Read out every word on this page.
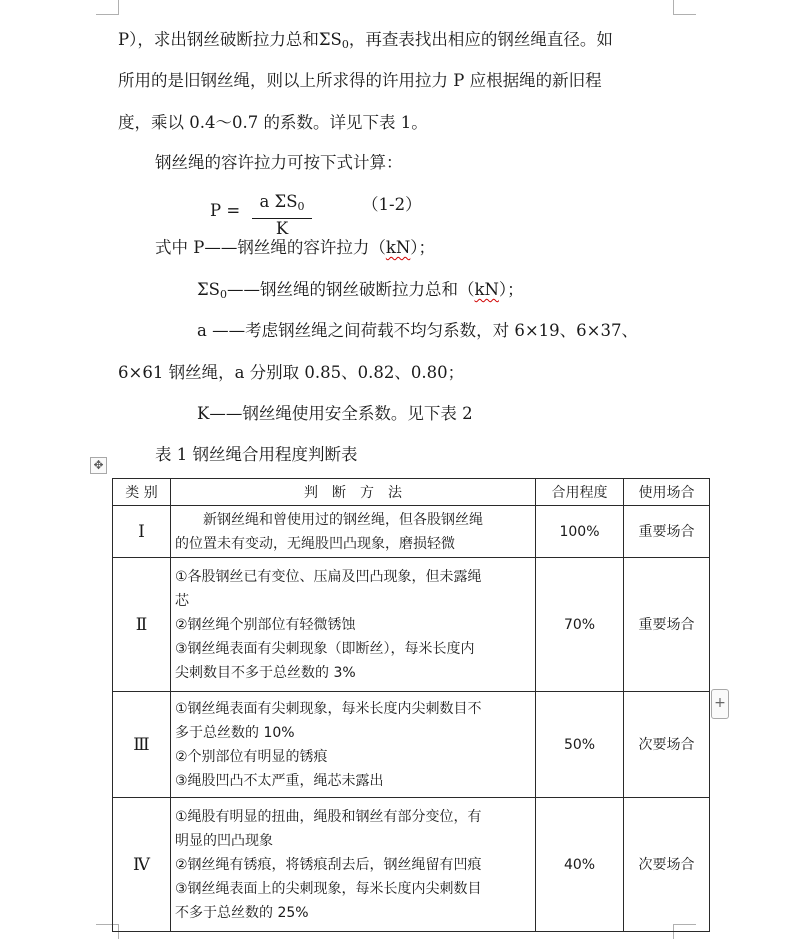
P），求出钢丝破断拉力总和$\Sigma S_0$，再查表找出相应的钢丝绳直径。如
所用的是旧钢丝绳，则以上所求得的许用拉力 P 应根据绳的新旧程
度，乘以 0.4～0.7 的系数。详见下表 1。
钢丝绳的容许拉力可按下式计算：
P =	a $\Sigma S_0$
K
（1-2）
式中 P——钢丝绳的容许拉力（kN）；
$\Sigma S_0——$钢丝绳的钢丝破断拉力总和（kN）；
a ——考虑钢丝绳之间荷载不均匀系数，对 6×19、6×37、
6×61 钢丝绳，a 分别取 0.85、0.82、0.80；
K——钢丝绳使用安全系数。见下表 2
表 1 钢丝绳合用程度判断表
✥
+
类 别	判　断　方　法	合用程度	使用场合
Ⅰ	　　新钢丝绳和曾使用过的钢丝绳，但各股钢丝绳
的位置未有变动，无绳股凹凸现象，磨损轻微	100%	重要场合
Ⅱ	①各股钢丝已有变位、压扁及凹凸现象，但未露绳
芯
②钢丝绳个别部位有轻微锈蚀
③钢丝绳表面有尖刺现象（即断丝），每米长度内
尖刺数目不多于总丝数的 3%	70%	重要场合
Ⅲ	①钢丝绳表面有尖刺现象，每米长度内尖刺数目不
多于总丝数的 10%
②个别部位有明显的锈痕
③绳股凹凸不太严重，绳芯未露出	50%	次要场合
Ⅳ	①绳股有明显的扭曲，绳股和钢丝有部分变位，有
明显的凹凸现象
②钢丝绳有锈痕，将锈痕刮去后，钢丝绳留有凹痕
③钢丝绳表面上的尖刺现象，每米长度内尖刺数目
不多于总丝数的 25%	40%	次要场合
